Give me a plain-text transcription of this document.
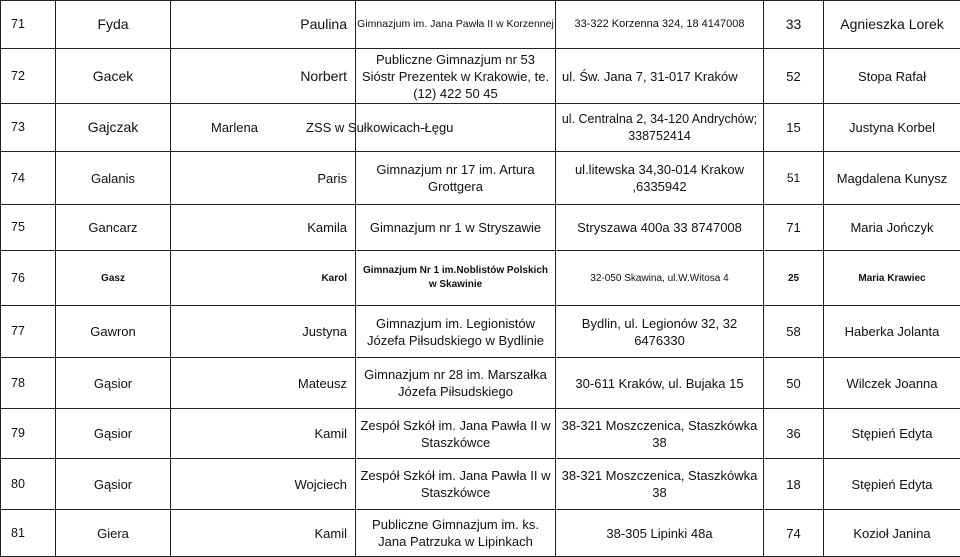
71	Fyda	Paulina	Gimnazjum im. Jana Pawła II w Korzennej	33-322 Korzenna 324, 18 4147008	33	Agnieszka Lorek
72	Gacek	Norbert	Publiczne Gimnazjum nr 53 Sióstr Prezentek w Krakowie, te. (12) 422 50 45	ul. Św. Jana 7, 31-017 Kraków	52	Stopa Rafał
73	Gajczak	Marlena	ZSS w Sułkowicach-Łęgu	ul. Centralna 2, 34-120 Andrychów; 338752414	15	Justyna Korbel
74	Galanis	Paris	Gimnazjum nr 17 im. Artura Grottgera	ul.litewska 34,30-014 Krakow ,6335942	51	Magdalena Kunysz
75	Gancarz	Kamila	Gimnazjum nr 1 w Stryszawie	Stryszawa 400a 33 8747008	71	Maria Jończyk
76	Gasz	Karol	Gimnazjum Nr 1 im.Noblistów Polskich w Skawinie	32-050 Skawina, ul.W.Witosa 4	25	Maria Krawiec
77	Gawron	Justyna	Gimnazjum im. Legionistów Józefa Piłsudskiego w Bydlinie	Bydlin, ul. Legionów 32, 32 6476330	58	Haberka Jolanta
78	Gąsior	Mateusz	Gimnazjum nr 28 im. Marszałka Józefa Piłsudskiego	30-611 Kraków, ul. Bujaka 15	50	Wilczek Joanna
79	Gąsior	Kamil	Zespół Szkół im. Jana Pawła II w Staszkówce	38-321 Moszczenica, Staszkówka 38	36	Stępień Edyta
80	Gąsior	Wojciech	Zespół Szkół im. Jana Pawła II w Staszkówce	38-321 Moszczenica, Staszkówka 38	18	Stępień Edyta
81	Giera	Kamil	Publiczne Gimnazjum im. ks. Jana Patrzuka w Lipinkach	38-305 Lipinki 48a	74	Kozioł Janina
